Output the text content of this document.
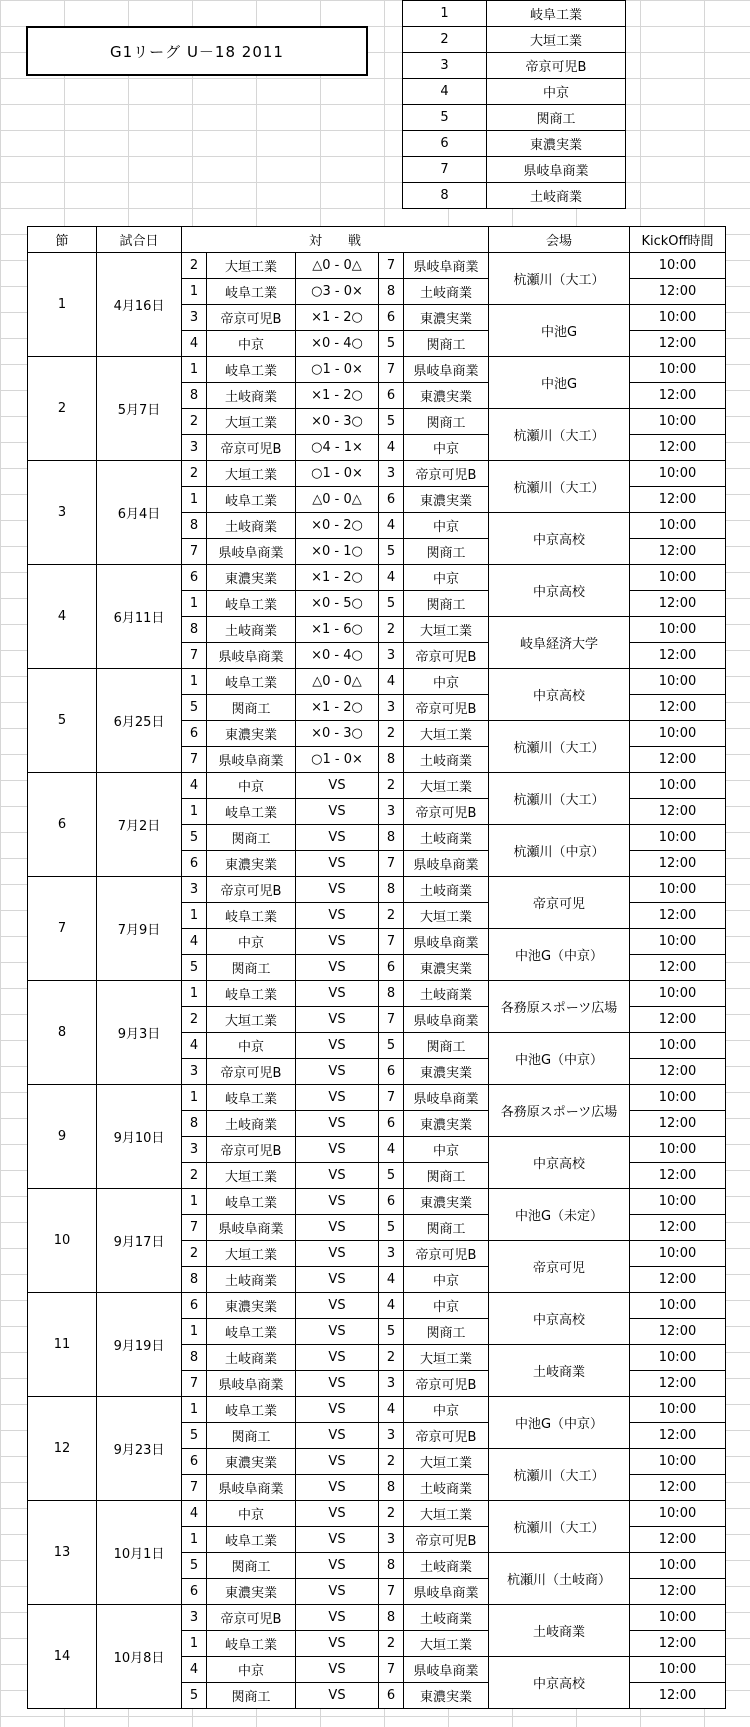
G1リーグ U－18 2011
1	岐阜工業
2	大垣工業
3	帝京可児B
4	中京
5	関商工
6	東濃実業
7	県岐阜商業
8	土岐商業
節	試合日	対　　戦					会場	KickOff時間
1	4月16日	2	大垣工業	△0 - 0△	7	県岐阜商業	杭瀬川（大工）	10:00
		1	岐阜工業	○3 - 0×	8	土岐商業		12:00
		3	帝京可児B	×1 - 2○	6	東濃実業	中池G	10:00
		4	中京	×0 - 4○	5	関商工		12:00
2	5月7日	1	岐阜工業	○1 - 0×	7	県岐阜商業	中池G	10:00
		8	土岐商業	×1 - 2○	6	東濃実業		12:00
		2	大垣工業	×0 - 3○	5	関商工	杭瀬川（大工）	10:00
		3	帝京可児B	○4 - 1×	4	中京		12:00
3	6月4日	2	大垣工業	○1 - 0×	3	帝京可児B	杭瀬川（大工）	10:00
		1	岐阜工業	△0 - 0△	6	東濃実業		12:00
		8	土岐商業	×0 - 2○	4	中京	中京高校	10:00
		7	県岐阜商業	×0 - 1○	5	関商工		12:00
4	6月11日	6	東濃実業	×1 - 2○	4	中京	中京高校	10:00
		1	岐阜工業	×0 - 5○	5	関商工		12:00
		8	土岐商業	×1 - 6○	2	大垣工業	岐阜経済大学	10:00
		7	県岐阜商業	×0 - 4○	3	帝京可児B		12:00
5	6月25日	1	岐阜工業	△0 - 0△	4	中京	中京高校	10:00
		5	関商工	×1 - 2○	3	帝京可児B		12:00
		6	東濃実業	×0 - 3○	2	大垣工業	杭瀬川（大工）	10:00
		7	県岐阜商業	○1 - 0×	8	土岐商業		12:00
6	7月2日	4	中京	VS	2	大垣工業	杭瀬川（大工）	10:00
		1	岐阜工業	VS	3	帝京可児B		12:00
		5	関商工	VS	8	土岐商業	杭瀬川（中京）	10:00
		6	東濃実業	VS	7	県岐阜商業		12:00
7	7月9日	3	帝京可児B	VS	8	土岐商業	帝京可児	10:00
		1	岐阜工業	VS	2	大垣工業		12:00
		4	中京	VS	7	県岐阜商業	中池G（中京）	10:00
		5	関商工	VS	6	東濃実業		12:00
8	9月3日	1	岐阜工業	VS	8	土岐商業	各務原スポーツ広場	10:00
		2	大垣工業	VS	7	県岐阜商業		12:00
		4	中京	VS	5	関商工	中池G（中京）	10:00
		3	帝京可児B	VS	6	東濃実業		12:00
9	9月10日	1	岐阜工業	VS	7	県岐阜商業	各務原スポーツ広場	10:00
		8	土岐商業	VS	6	東濃実業		12:00
		3	帝京可児B	VS	4	中京	中京高校	10:00
		2	大垣工業	VS	5	関商工		12:00
10	9月17日	1	岐阜工業	VS	6	東濃実業	中池G（未定）	10:00
		7	県岐阜商業	VS	5	関商工		12:00
		2	大垣工業	VS	3	帝京可児B	帝京可児	10:00
		8	土岐商業	VS	4	中京		12:00
11	9月19日	6	東濃実業	VS	4	中京	中京高校	10:00
		1	岐阜工業	VS	5	関商工		12:00
		8	土岐商業	VS	2	大垣工業	土岐商業	10:00
		7	県岐阜商業	VS	3	帝京可児B		12:00
12	9月23日	1	岐阜工業	VS	4	中京	中池G（中京）	10:00
		5	関商工	VS	3	帝京可児B		12:00
		6	東濃実業	VS	2	大垣工業	杭瀬川（大工）	10:00
		7	県岐阜商業	VS	8	土岐商業		12:00
13	10月1日	4	中京	VS	2	大垣工業	杭瀬川（大工）	10:00
		1	岐阜工業	VS	3	帝京可児B		12:00
		5	関商工	VS	8	土岐商業	杭瀬川（土岐商）	10:00
		6	東濃実業	VS	7	県岐阜商業		12:00
14	10月8日	3	帝京可児B	VS	8	土岐商業	土岐商業	10:00
		1	岐阜工業	VS	2	大垣工業		12:00
		4	中京	VS	7	県岐阜商業	中京高校	10:00
		5	関商工	VS	6	東濃実業		12:00
